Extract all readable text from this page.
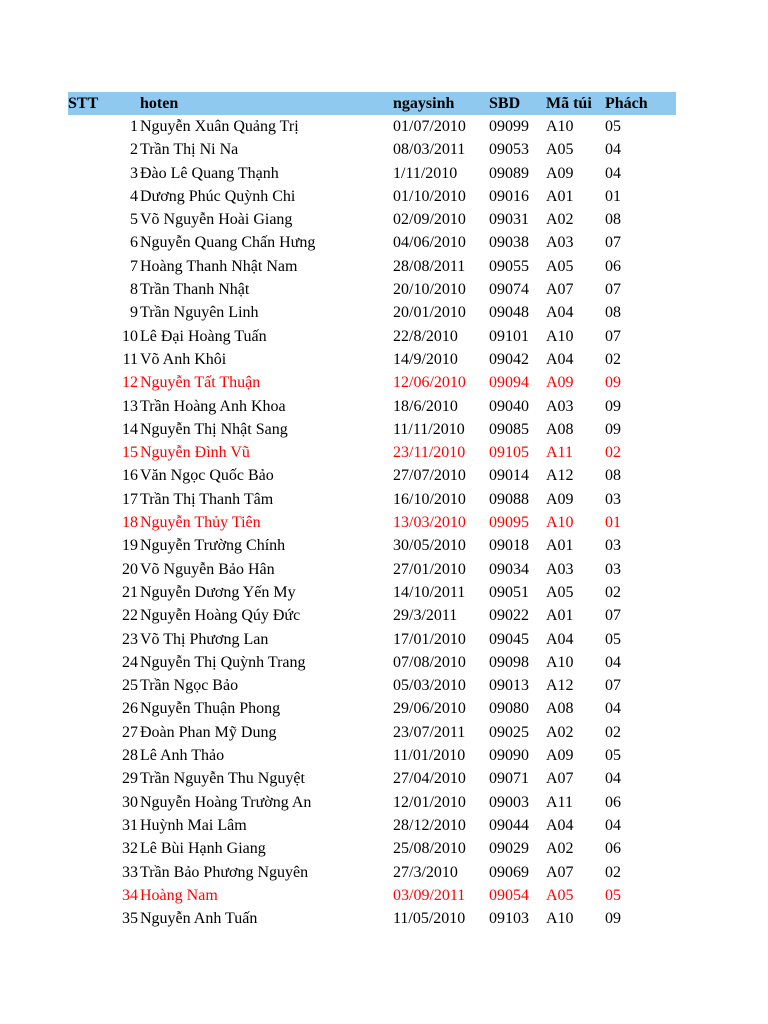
STT	hoten	ngaysinh SBD Mã túi Phách
1 Nguyễn Xuân Quảng Trị	01/07/2010 09099 A10 05
2 Trần Thị Ni Na	08/03/2011 09053 A05 04
3 Đào Lê Quang Thạnh	1/11/2010 09089 A09 04
4 Dương Phúc Quỳnh Chi	01/10/2010 09016 A01 01
5 Võ Nguyễn Hoài Giang	02/09/2010 09031 A02 08
6 Nguyễn Quang Chấn Hưng	04/06/2010 09038 A03 07
7 Hoàng Thanh Nhật Nam	28/08/2011 09055 A05 06
8 Trần Thanh Nhật	20/10/2010 09074 A07 07
9 Trần Nguyên Linh	20/01/2010 09048 A04 08
10 Lê Đại Hoàng Tuấn	22/8/2010 09101 A10 07
11 Võ Anh Khôi	14/9/2010 09042 A04 02
12 Nguyễn Tất Thuận	12/06/2010 09094 A09 09
13 Trần Hoàng Anh Khoa	18/6/2010 09040 A03 09
14 Nguyễn Thị Nhật Sang	11/11/2010 09085 A08 09
15 Nguyễn Đình Vũ	23/11/2010 09105 A11 02
16 Văn Ngọc Quốc Bảo	27/07/2010 09014 A12 08
17 Trần Thị Thanh Tâm	16/10/2010 09088 A09 03
18 Nguyễn Thủy Tiên	13/03/2010 09095 A10 01
19 Nguyễn Trường Chính	30/05/2010 09018 A01 03
20 Võ Nguyễn Bảo Hân	27/01/2010 09034 A03 03
21 Nguyễn Dương Yến My	14/10/2011 09051 A05 02
22 Nguyễn Hoàng Qúy Đức	29/3/2011 09022 A01 07
23 Võ Thị Phương Lan	17/01/2010 09045 A04 05
24 Nguyễn Thị Quỳnh Trang	07/08/2010 09098 A10 04
25 Trần Ngọc Bảo	05/03/2010 09013 A12 07
26 Nguyễn Thuận Phong	29/06/2010 09080 A08 04
27 Đoàn Phan Mỹ Dung	23/07/2011 09025 A02 02
28 Lê Anh Thảo	11/01/2010 09090 A09 05
29 Trần Nguyễn Thu Nguyệt	27/04/2010 09071 A07 04
30 Nguyễn Hoàng Trường An	12/01/2010 09003 A11 06
31 Huỳnh Mai Lâm	28/12/2010 09044 A04 04
32 Lê Bùi Hạnh Giang	25/08/2010 09029 A02 06
33 Trần Bảo Phương Nguyên	27/3/2010 09069 A07 02
34 Hoàng Nam	03/09/2011 09054 A05 05
35 Nguyễn Anh Tuấn	11/05/2010 09103 A10 09
